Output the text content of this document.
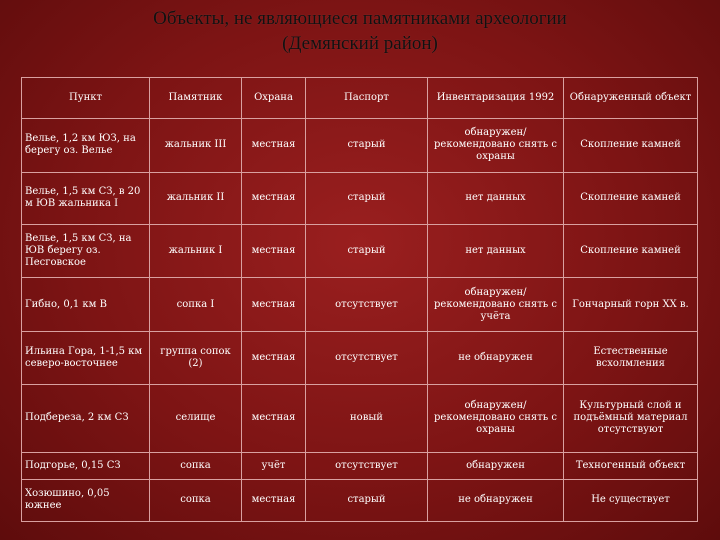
Объекты, не являющиеся памятниками археологии
(Демянский район)
Пункт	Памятник	Охрана	Паспорт	Инвентаризация 1992	Обнаруженный объект
Велье, 1,2 км ЮЗ, на берегу оз. Велье	жальник III	местная	старый	обнаружен/ рекомендовано снять с охраны	Скопление камней
Велье, 1,5 км СЗ, в 20 м ЮВ жальника I	жальник II	местная	старый	нет данных	Скопление камней
Велье, 1,5 км СЗ, на ЮВ берегу оз. Песговское	жальник I	местная	старый	нет данных	Скопление камней
Гибно, 0,1 км В	сопка I	местная	отсутствует	обнаружен/ рекомендовано снять с учёта	Гончарный горн XX в.
Ильина Гора, 1-1,5 км северо-восточнее	группа сопок (2)	местная	отсутствует	не обнаружен	Естественные всхолмления
Подбереза, 2 км СЗ	селище	местная	новый	обнаружен/ рекомендовано снять с охраны	Культурный слой и подъёмный материал отсутствуют
Подгорье, 0,15 СЗ	сопка	учёт	отсутствует	обнаружен	Техногенный объект
Хозюшино, 0,05 южнее	сопка	местная	старый	не обнаружен	Не существует
